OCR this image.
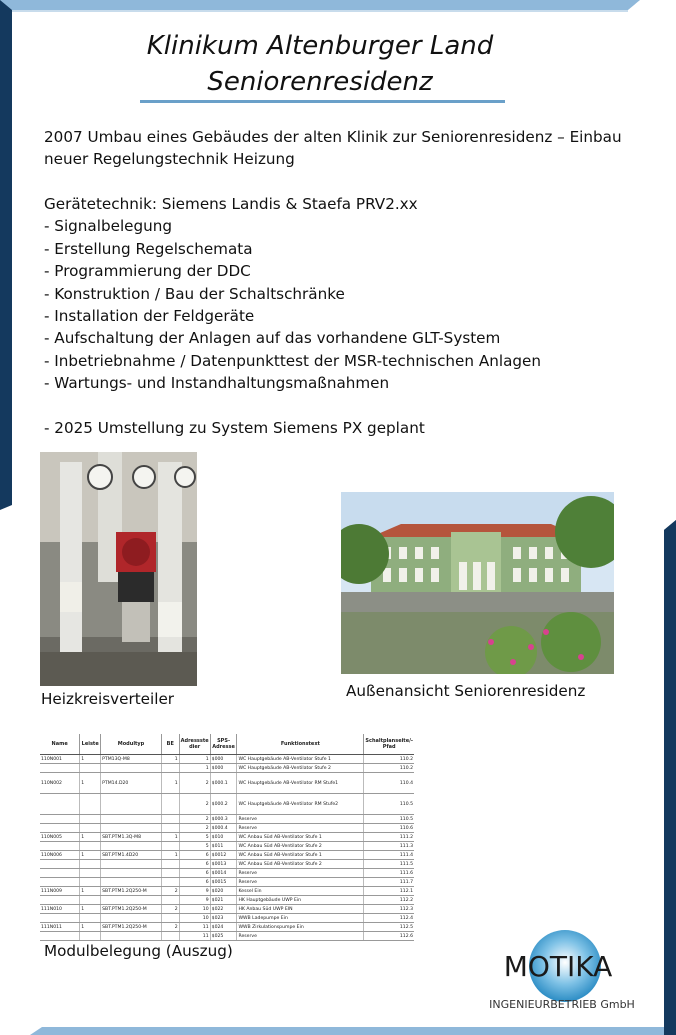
Klinikum Altenburger Land
Seniorenresidenz
2007 Umbau eines Gebäudes der alten Klinik zur Seniorenresidenz – Einbau
neuer Regelungstechnik Heizung
Gerätetechnik: Siemens Landis & Staefa PRV2.xx
- Signalbelegung
- Erstellung Regelschemata
- Programmierung der DDC
- Konstruktion / Bau der Schaltschränke
- Installation der Feldgeräte
- Aufschaltung der Anlagen auf das vorhandene GLT-System
- Inbetriebnahme / Datenpunkttest der MSR-technischen Anlagen
- Wartungs- und Instandhaltungsmaßnahmen
- 2025 Umstellung zu System Siemens PX geplant
Heizkreisverteiler	Außenansicht Seniorenresidenz
Name	Leiste	Modultyp	BE	Adressste dier	SPS-Adresse	Funktionstext	Schaltplanseite/-Pfad
110N001	1	PTM13Q-M8	1	1	$000	WC Hauptgebäude AB-Ventilator Stufe 1	110.2
				1	$000	WC Hauptgebäude AB-Ventilator Stufe 2	110.2
110N002	1	PTM14.D20	1	2	$000.1	WC Hauptgebäude AB-Ventilator RM Stufe1	110.4
				2	$000.2	WC Hauptgebäude AB-Ventilator RM Stufe2	110.5
				2	$000.3	Reserve	110.5
				2	$000.4	Reserve	110.6
110N005	1	SBT.PTM1.3Q-M8	1	5	$010	WC Anbau Süd AB-Ventilator Stufe 1	111.2
				5	$011	WC Anbau Süd AB-Ventilator Stufe 2	111.3
110N006	1	SBT.PTM1.4D20	1	6	$0012	WC Anbau Süd AB-Ventilator Stufe 1	111.4
				6	$0013	WC Anbau Süd AB-Ventilator Stufe 2	111.5
				6	$0014	Reserve	111.6
				6	$0015	Reserve	111.7
111N009	1	SBT.PTM1.2Q250-M	2	9	$020	Kessel Ein	112.1
				9	$021	HK Hauptgebäude UWP Ein	112.2
111N010	1	SBT.PTM1.2Q250-M	2	10	$022	HK Anbau Süd UWP EIN	112.3
				10	$023	WWB Ladepumpe Ein	112.4
111N011	1	SBT.PTM1.2Q250-M	2	11	$024	WWB Zirkulationspumpe Ein	112.5
				11	$025	Reserve	112.6
Modulbelegung (Auszug)	MOTIKA
INGENIEURBETRIEB GmbH
